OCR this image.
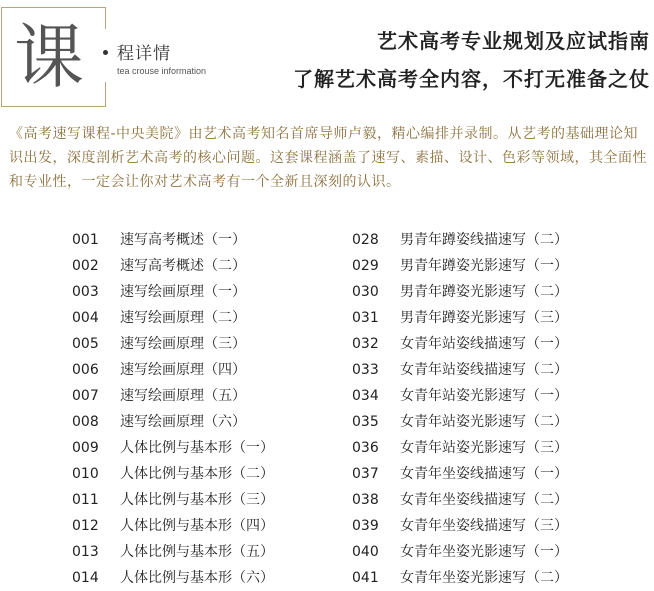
课 程详情
tea crouse information
艺术高考专业规划及应试指南
了解艺术高考全内容，不打无准备之仗
《高考速写课程-中央美院》由艺术高考知名首席导师卢毅，精心编排并录制。从艺考的基础理论知识出发，深度剖析艺术高考的核心问题。这套课程涵盖了速写、素描、设计、色彩等领域，其全面性和专业性，一定会让你对艺术高考有一个全新且深刻的认识。
001 速写高考概述（一）
002 速写高考概述（二）
003 速写绘画原理（一）
004 速写绘画原理（二）
005 速写绘画原理（三）
006 速写绘画原理（四）
007 速写绘画原理（五）
008 速写绘画原理（六）
009 人体比例与基本形（一）
010 人体比例与基本形（二）
011 人体比例与基本形（三）
012 人体比例与基本形（四）
013 人体比例与基本形（五）
014 人体比例与基本形（六）
028 男青年蹲姿线描速写（二）
029 男青年蹲姿光影速写（一）
030 男青年蹲姿光影速写（二）
031 男青年蹲姿光影速写（三）
032 女青年站姿线描速写（一）
033 女青年站姿线描速写（二）
034 女青年站姿光影速写（一）
035 女青年站姿光影速写（二）
036 女青年站姿光影速写（三）
037 女青年坐姿线描速写（一）
038 女青年坐姿线描速写（二）
039 女青年坐姿线描速写（三）
040 女青年坐姿光影速写（一）
041 女青年坐姿光影速写（二）
